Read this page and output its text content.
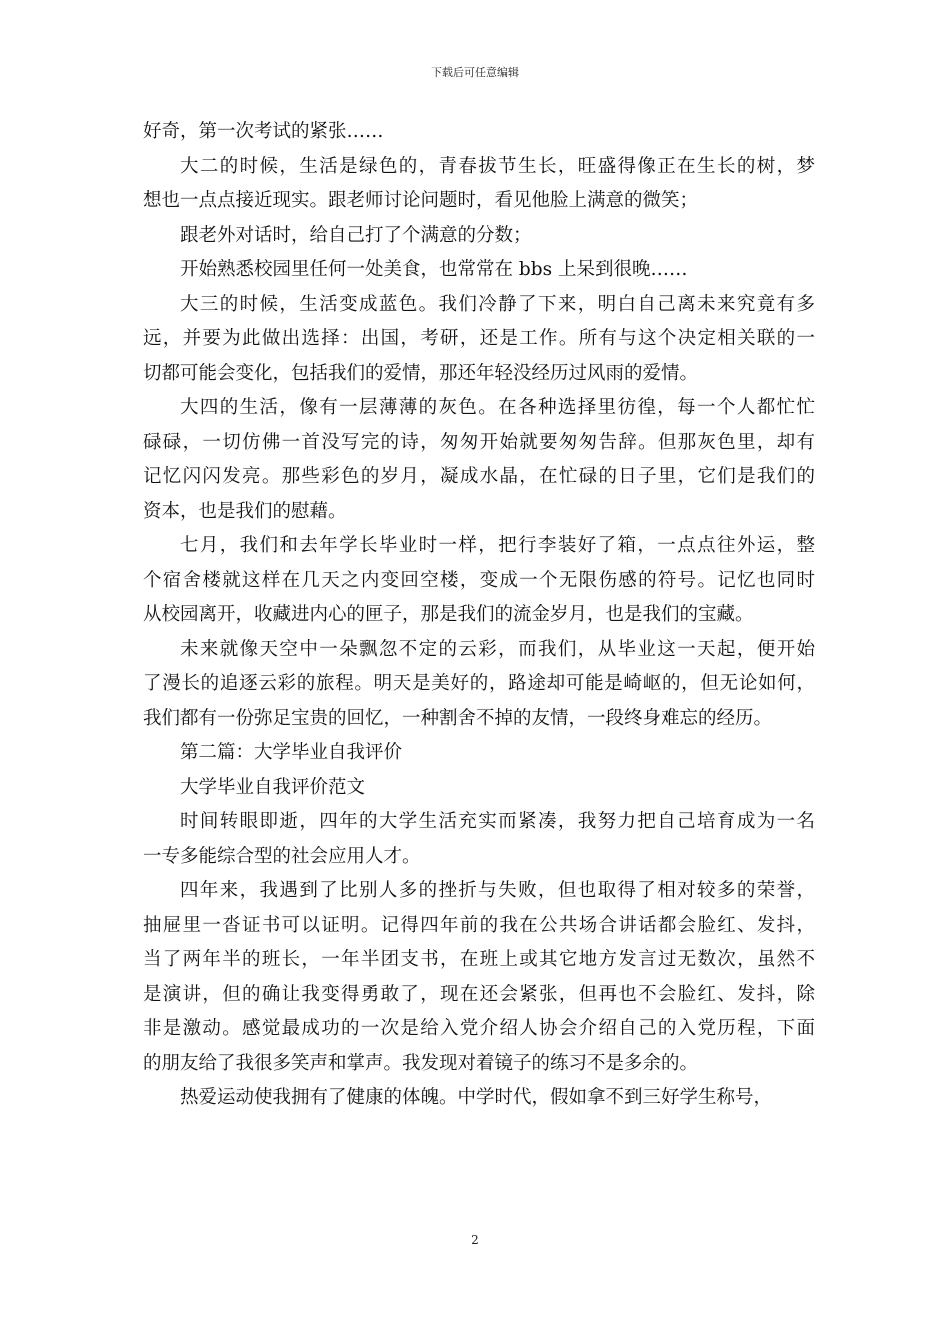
下载后可任意编辑
好奇，第一次考试的紧张……
大二的时候，生活是绿色的，青春拔节生长，旺盛得像正在生长的树，梦
想也一点点接近现实。跟老师讨论问题时，看见他脸上满意的微笑；
跟老外对话时，给自己打了个满意的分数；
开始熟悉校园里任何一处美食，也常常在 bbs 上呆到很晚……
大三的时候，生活变成蓝色。我们冷静了下来，明白自己离未来究竟有多
远，并要为此做出选择：出国，考研，还是工作。所有与这个决定相关联的一
切都可能会变化，包括我们的爱情，那还年轻没经历过风雨的爱情。
大四的生活，像有一层薄薄的灰色。在各种选择里彷徨，每一个人都忙忙
碌碌，一切仿佛一首没写完的诗，匆匆开始就要匆匆告辞。但那灰色里，却有
记忆闪闪发亮。那些彩色的岁月，凝成水晶，在忙碌的日子里，它们是我们的
资本，也是我们的慰藉。
七月，我们和去年学长毕业时一样，把行李装好了箱，一点点往外运，整
个宿舍楼就这样在几天之内变回空楼，变成一个无限伤感的符号。记忆也同时
从校园离开，收藏进内心的匣子，那是我们的流金岁月，也是我们的宝藏。
未来就像天空中一朵飘忽不定的云彩，而我们，从毕业这一天起，便开始
了漫长的追逐云彩的旅程。明天是美好的，路途却可能是崎岖的，但无论如何，
我们都有一份弥足宝贵的回忆，一种割舍不掉的友情，一段终身难忘的经历。
第二篇：大学毕业自我评价
大学毕业自我评价范文
时间转眼即逝，四年的大学生活充实而紧凑，我努力把自己培育成为一名
一专多能综合型的社会应用人才。
四年来，我遇到了比别人多的挫折与失败，但也取得了相对较多的荣誉，
抽屉里一沓证书可以证明。记得四年前的我在公共场合讲话都会脸红、发抖，
当了两年半的班长，一年半团支书，在班上或其它地方发言过无数次，虽然不
是演讲，但的确让我变得勇敢了，现在还会紧张，但再也不会脸红、发抖，除
非是激动。感觉最成功的一次是给入党介绍人协会介绍自己的入党历程，下面
的朋友给了我很多笑声和掌声。我发现对着镜子的练习不是多余的。
热爱运动使我拥有了健康的体魄。中学时代，假如拿不到三好学生称号，
2
